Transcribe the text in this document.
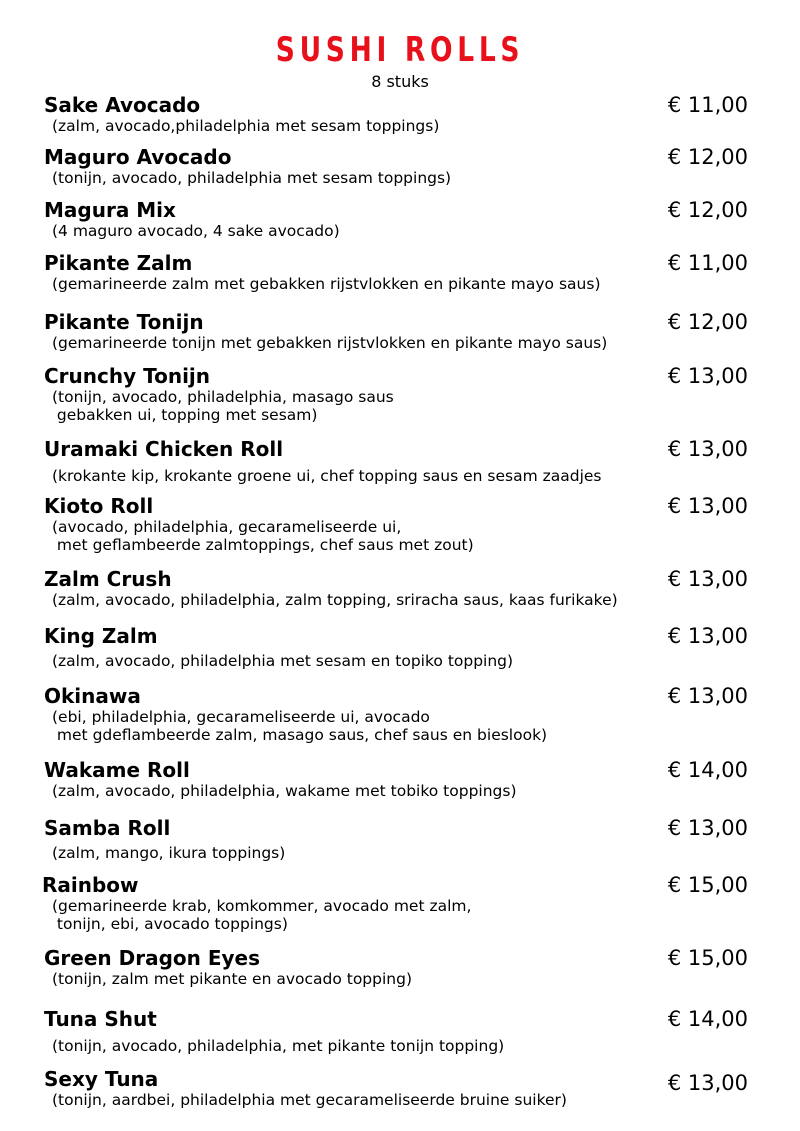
SUSHI ROLLS
8 stuks
Sake Avocado	€ 11,00
(zalm, avocado,philadelphia met sesam toppings)
Maguro Avocado	€ 12,00
(tonijn, avocado, philadelphia met sesam toppings)
Magura Mix	€ 12,00
(4 maguro avocado, 4 sake avocado)
Pikante Zalm	€ 11,00
(gemarineerde zalm met gebakken rijstvlokken en pikante mayo saus)
Pikante Tonijn	€ 12,00
(gemarineerde tonijn met gebakken rijstvlokken en pikante mayo saus)
Crunchy Tonijn	€ 13,00
(tonijn, avocado, philadelphia, masago saus
gebakken ui, topping met sesam)
Uramaki Chicken Roll	€ 13,00
(krokante kip, krokante groene ui, chef topping saus en sesam zaadjes
Kioto Roll	€ 13,00
(avocado, philadelphia, gecarameliseerde ui,
met geflambeerde zalmtoppings, chef saus met zout)
Zalm Crush	€ 13,00
(zalm, avocado, philadelphia, zalm topping, sriracha saus, kaas furikake)
King Zalm	€ 13,00
(zalm, avocado, philadelphia met sesam en topiko topping)
Okinawa	€ 13,00
(ebi, philadelphia, gecarameliseerde ui, avocado
met gdeflambeerde zalm, masago saus, chef saus en bieslook)
Wakame Roll	€ 14,00
(zalm, avocado, philadelphia, wakame met tobiko toppings)
Samba Roll	€ 13,00
(zalm, mango, ikura toppings)
Rainbow	€ 15,00
(gemarineerde krab, komkommer, avocado met zalm,
tonijn, ebi, avocado toppings)
Green Dragon Eyes	€ 15,00
(tonijn, zalm met pikante en avocado topping)
Tuna Shut	€ 14,00
(tonijn, avocado, philadelphia, met pikante tonijn topping)
Sexy Tuna	€ 13,00
(tonijn, aardbei, philadelphia met gecarameliseerde bruine suiker)
